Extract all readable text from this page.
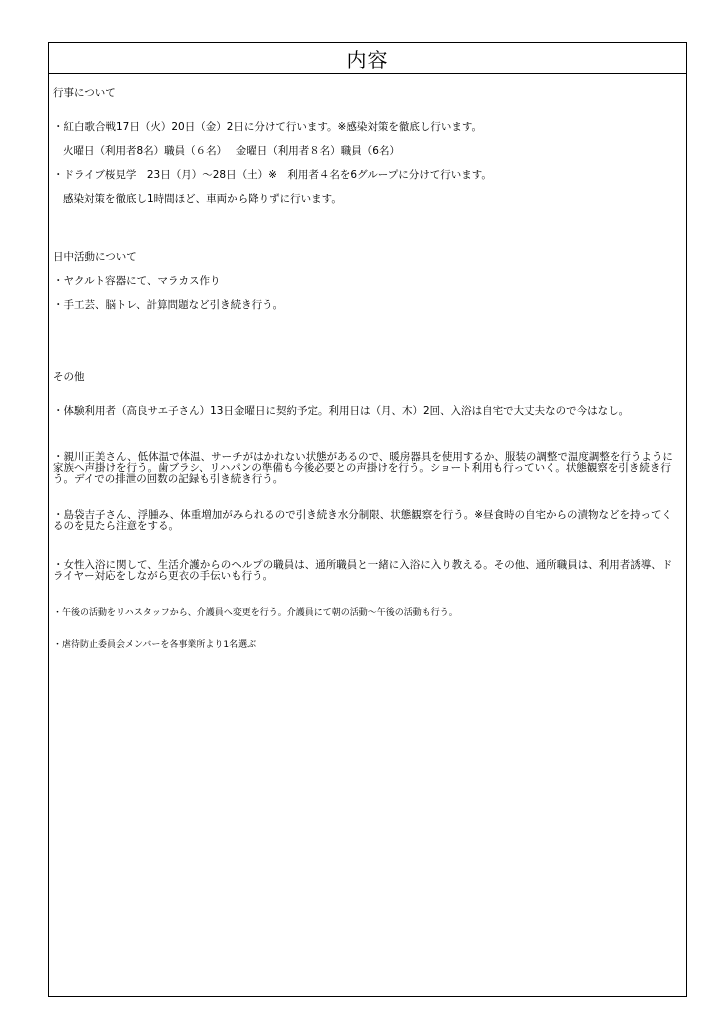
内容
行事について
・紅白歌合戦17日（火）20日（金）2日に分けて行います。※感染対策を徹底し行います。
火曜日（利用者8名）職員（６名）　 金曜日（利用者８名）職員（6名）
・ドライブ桜見学　23日（月）～28日（土）※　利用者４名を6グループに分けて行います。
感染対策を徹底し1時間ほど、車両から降りずに行います。
日中活動について
・ヤクルト容器にて、マラカス作り
・手工芸、脳トレ、計算問題など引き続き行う。
その他
・体験利用者（高良サエ子さん）13日金曜日に契約予定。利用日は（月、木）2回、入浴は自宅で大丈夫なので今はなし。
・親川正美さん、低体温で体温、サーチがはかれない状態があるので、暖房器具を使用するか、服装の調整で温度調整を行うように家族へ声掛けを行う。歯ブラシ、リハパンの準備も今後必要との声掛けを行う。ショート利用も行っていく。状態観察を引き続き行う。デイでの排泄の回数の記録も引き続き行う。
・島袋吉子さん、浮腫み、体重増加がみられるので引き続き水分制限、状態観察を行う。※昼食時の自宅からの漬物などを持ってくるのを見たら注意をする。
・女性入浴に関して、生活介護からのヘルプの職員は、通所職員と一緒に入浴に入り教える。その他、通所職員は、利用者誘導、ドライヤー対応をしながら更衣の手伝いも行う。
・午後の活動をリハスタッフから、介護員へ変更を行う。介護員にて朝の活動～午後の活動も行う。
・虐待防止委員会メンバーを各事業所より1名選ぶ
